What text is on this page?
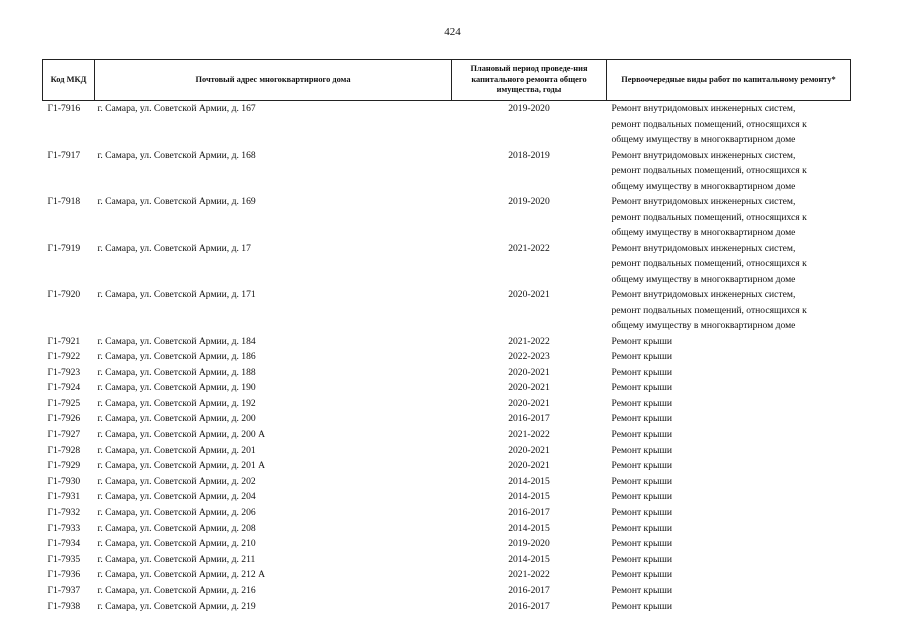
424
Код МКД	Почтовый адрес многоквартирного дома	Плановый период проведе-ния капитального ремонта общего имущества, годы	Первоочередные виды работ по капитальному ремонту*
Г1-7916	г. Самара, ул. Советской Армии, д. 167	2019-2020	Ремонт внутридомовых инженерных систем,
ремонт подвальных помещений, относящихся к
общему имуществу в многоквартирном доме

Г1-7917	г. Самара, ул. Советской Армии, д. 168	2018-2019	Ремонт внутридомовых инженерных систем,
ремонт подвальных помещений, относящихся к
общему имуществу в многоквартирном доме

Г1-7918	г. Самара, ул. Советской Армии, д. 169	2019-2020	Ремонт внутридомовых инженерных систем,
ремонт подвальных помещений, относящихся к
общему имуществу в многоквартирном доме

Г1-7919	г. Самара, ул. Советской Армии, д. 17	2021-2022	Ремонт внутридомовых инженерных систем,
ремонт подвальных помещений, относящихся к
общему имуществу в многоквартирном доме

Г1-7920	г. Самара, ул. Советской Армии, д. 171	2020-2021	Ремонт внутридомовых инженерных систем,
ремонт подвальных помещений, относящихся к
общему имуществу в многоквартирном доме

Г1-7921	г. Самара, ул. Советской Армии, д. 184	2021-2022	Ремонт крыши

Г1-7922	г. Самара, ул. Советской Армии, д. 186	2022-2023	Ремонт крыши

Г1-7923	г. Самара, ул. Советской Армии, д. 188	2020-2021	Ремонт крыши

Г1-7924	г. Самара, ул. Советской Армии, д. 190	2020-2021	Ремонт крыши

Г1-7925	г. Самара, ул. Советской Армии, д. 192	2020-2021	Ремонт крыши

Г1-7926	г. Самара, ул. Советской Армии, д. 200	2016-2017	Ремонт крыши

Г1-7927	г. Самара, ул. Советской Армии, д. 200 А	2021-2022	Ремонт крыши

Г1-7928	г. Самара, ул. Советской Армии, д. 201	2020-2021	Ремонт крыши

Г1-7929	г. Самара, ул. Советской Армии, д. 201 А	2020-2021	Ремонт крыши

Г1-7930	г. Самара, ул. Советской Армии, д. 202	2014-2015	Ремонт крыши

Г1-7931	г. Самара, ул. Советской Армии, д. 204	2014-2015	Ремонт крыши

Г1-7932	г. Самара, ул. Советской Армии, д. 206	2016-2017	Ремонт крыши

Г1-7933	г. Самара, ул. Советской Армии, д. 208	2014-2015	Ремонт крыши

Г1-7934	г. Самара, ул. Советской Армии, д. 210	2019-2020	Ремонт крыши

Г1-7935	г. Самара, ул. Советской Армии, д. 211	2014-2015	Ремонт крыши

Г1-7936	г. Самара, ул. Советской Армии, д. 212 А	2021-2022	Ремонт крыши

Г1-7937	г. Самара, ул. Советской Армии, д. 216	2016-2017	Ремонт крыши

Г1-7938	г. Самара, ул. Советской Армии, д. 219	2016-2017	Ремонт крыши
